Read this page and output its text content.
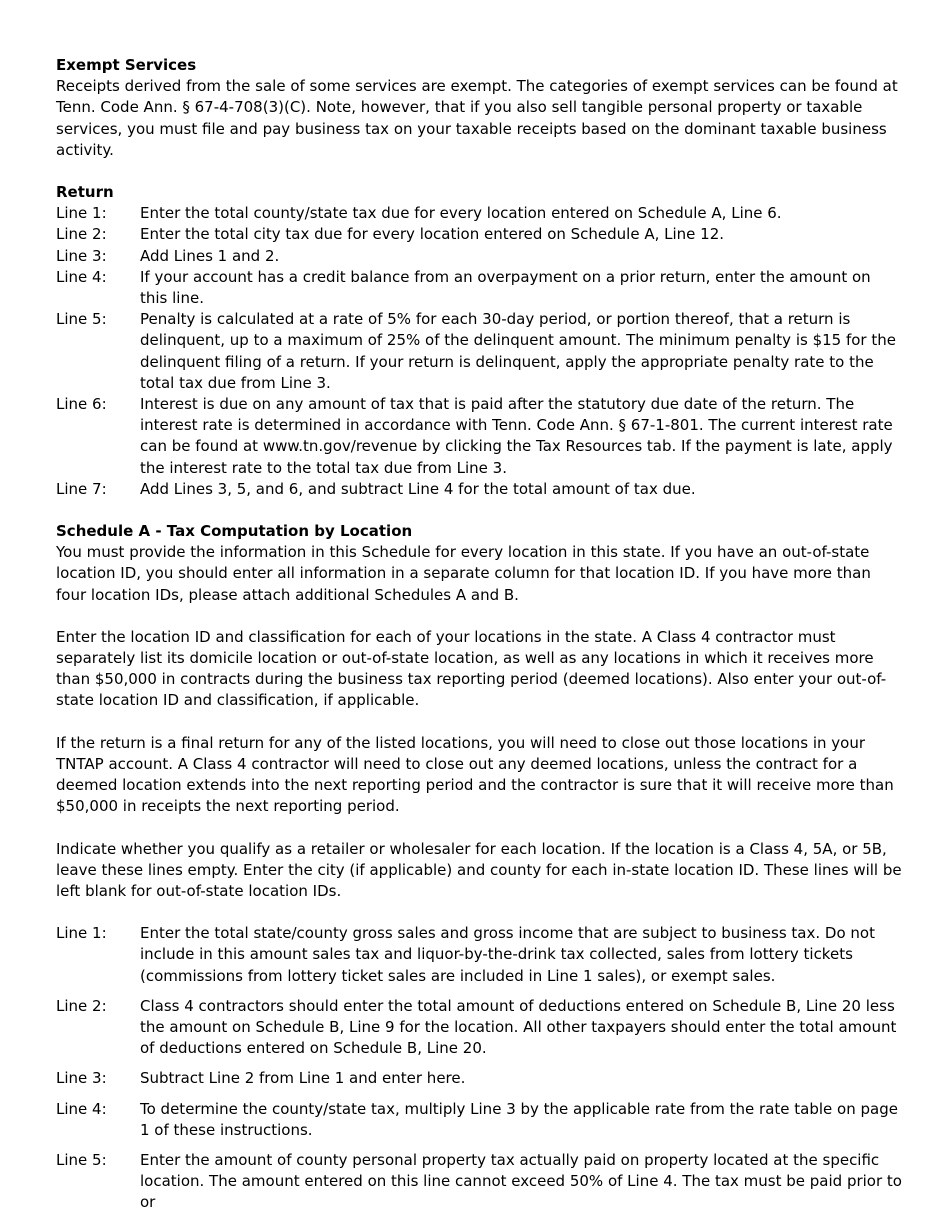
Exempt Services

Receipts derived from the sale of some services are exempt. The categories of exempt services can be found at Tenn. Code Ann. § 67-4-708(3)(C). Note, however, that if you also sell tangible personal property or taxable services, you must file and pay business tax on your taxable receipts based on the dominant taxable business activity.

Return
Line 1:	Enter the total county/state tax due for every location entered on Schedule A, Line 6.
Line 2:	Enter the total city tax due for every location entered on Schedule A, Line 12.
Line 3:	Add Lines 1 and 2.
Line 4:	If your account has a credit balance from an overpayment on a prior return, enter the amount on this line.
Line 5:	Penalty is calculated at a rate of 5% for each 30-day period, or portion thereof, that a return is delinquent, up to a maximum of 25% of the delinquent amount. The minimum penalty is $15 for the delinquent filing of a return. If your return is delinquent, apply the appropriate penalty rate to the total tax due from Line 3.
Line 6:	Interest is due on any amount of tax that is paid after the statutory due date of the return. The interest rate is determined in accordance with Tenn. Code Ann. § 67-1-801. The current interest rate can be found at www.tn.gov/revenue by clicking the Tax Resources tab. If the payment is late, apply the interest rate to the total tax due from Line 3.
Line 7:	Add Lines 3, 5, and 6, and subtract Line 4 for the total amount of tax due.
Schedule A - Tax Computation by Location

You must provide the information in this Schedule for every location in this state. If you have an out-of-state location ID, you should enter all information in a separate column for that location ID. If you have more than four location IDs, please attach additional Schedules A and B.

Enter the location ID and classification for each of your locations in the state. A Class 4 contractor must separately list its domicile location or out-of-state location, as well as any locations in which it receives more than $50,000 in contracts during the business tax reporting period (deemed locations). Also enter your out-of-state location ID and classification, if applicable.

If the return is a final return for any of the listed locations, you will need to close out those locations in your TNTAP account. A Class 4 contractor will need to close out any deemed locations, unless the contract for a deemed location extends into the next reporting period and the contractor is sure that it will receive more than $50,000 in receipts the next reporting period.

Indicate whether you qualify as a retailer or wholesaler for each location. If the location is a Class 4, 5A, or 5B, leave these lines empty. Enter the city (if applicable) and county for each in-state location ID. These lines will be left blank for out-of-state location IDs.

Line 1:	Enter the total state/county gross sales and gross income that are subject to business tax. Do not include in this amount sales tax and liquor-by-the-drink tax collected, sales from lottery tickets (commissions from lottery ticket sales are included in Line 1 sales), or exempt sales.
Line 2:	Class 4 contractors should enter the total amount of deductions entered on Schedule B, Line 20 less the amount on Schedule B, Line 9 for the location. All other taxpayers should enter the total amount of deductions entered on Schedule B, Line 20.
Line 3:	Subtract Line 2 from Line 1 and enter here.
Line 4:	To determine the county/state tax, multiply Line 3 by the applicable rate from the rate table on page 1 of these instructions.
Line 5:	Enter the amount of county personal property tax actually paid on property located at the specific location. The amount entered on this line cannot exceed 50% of Line 4. The tax must be paid prior to or
